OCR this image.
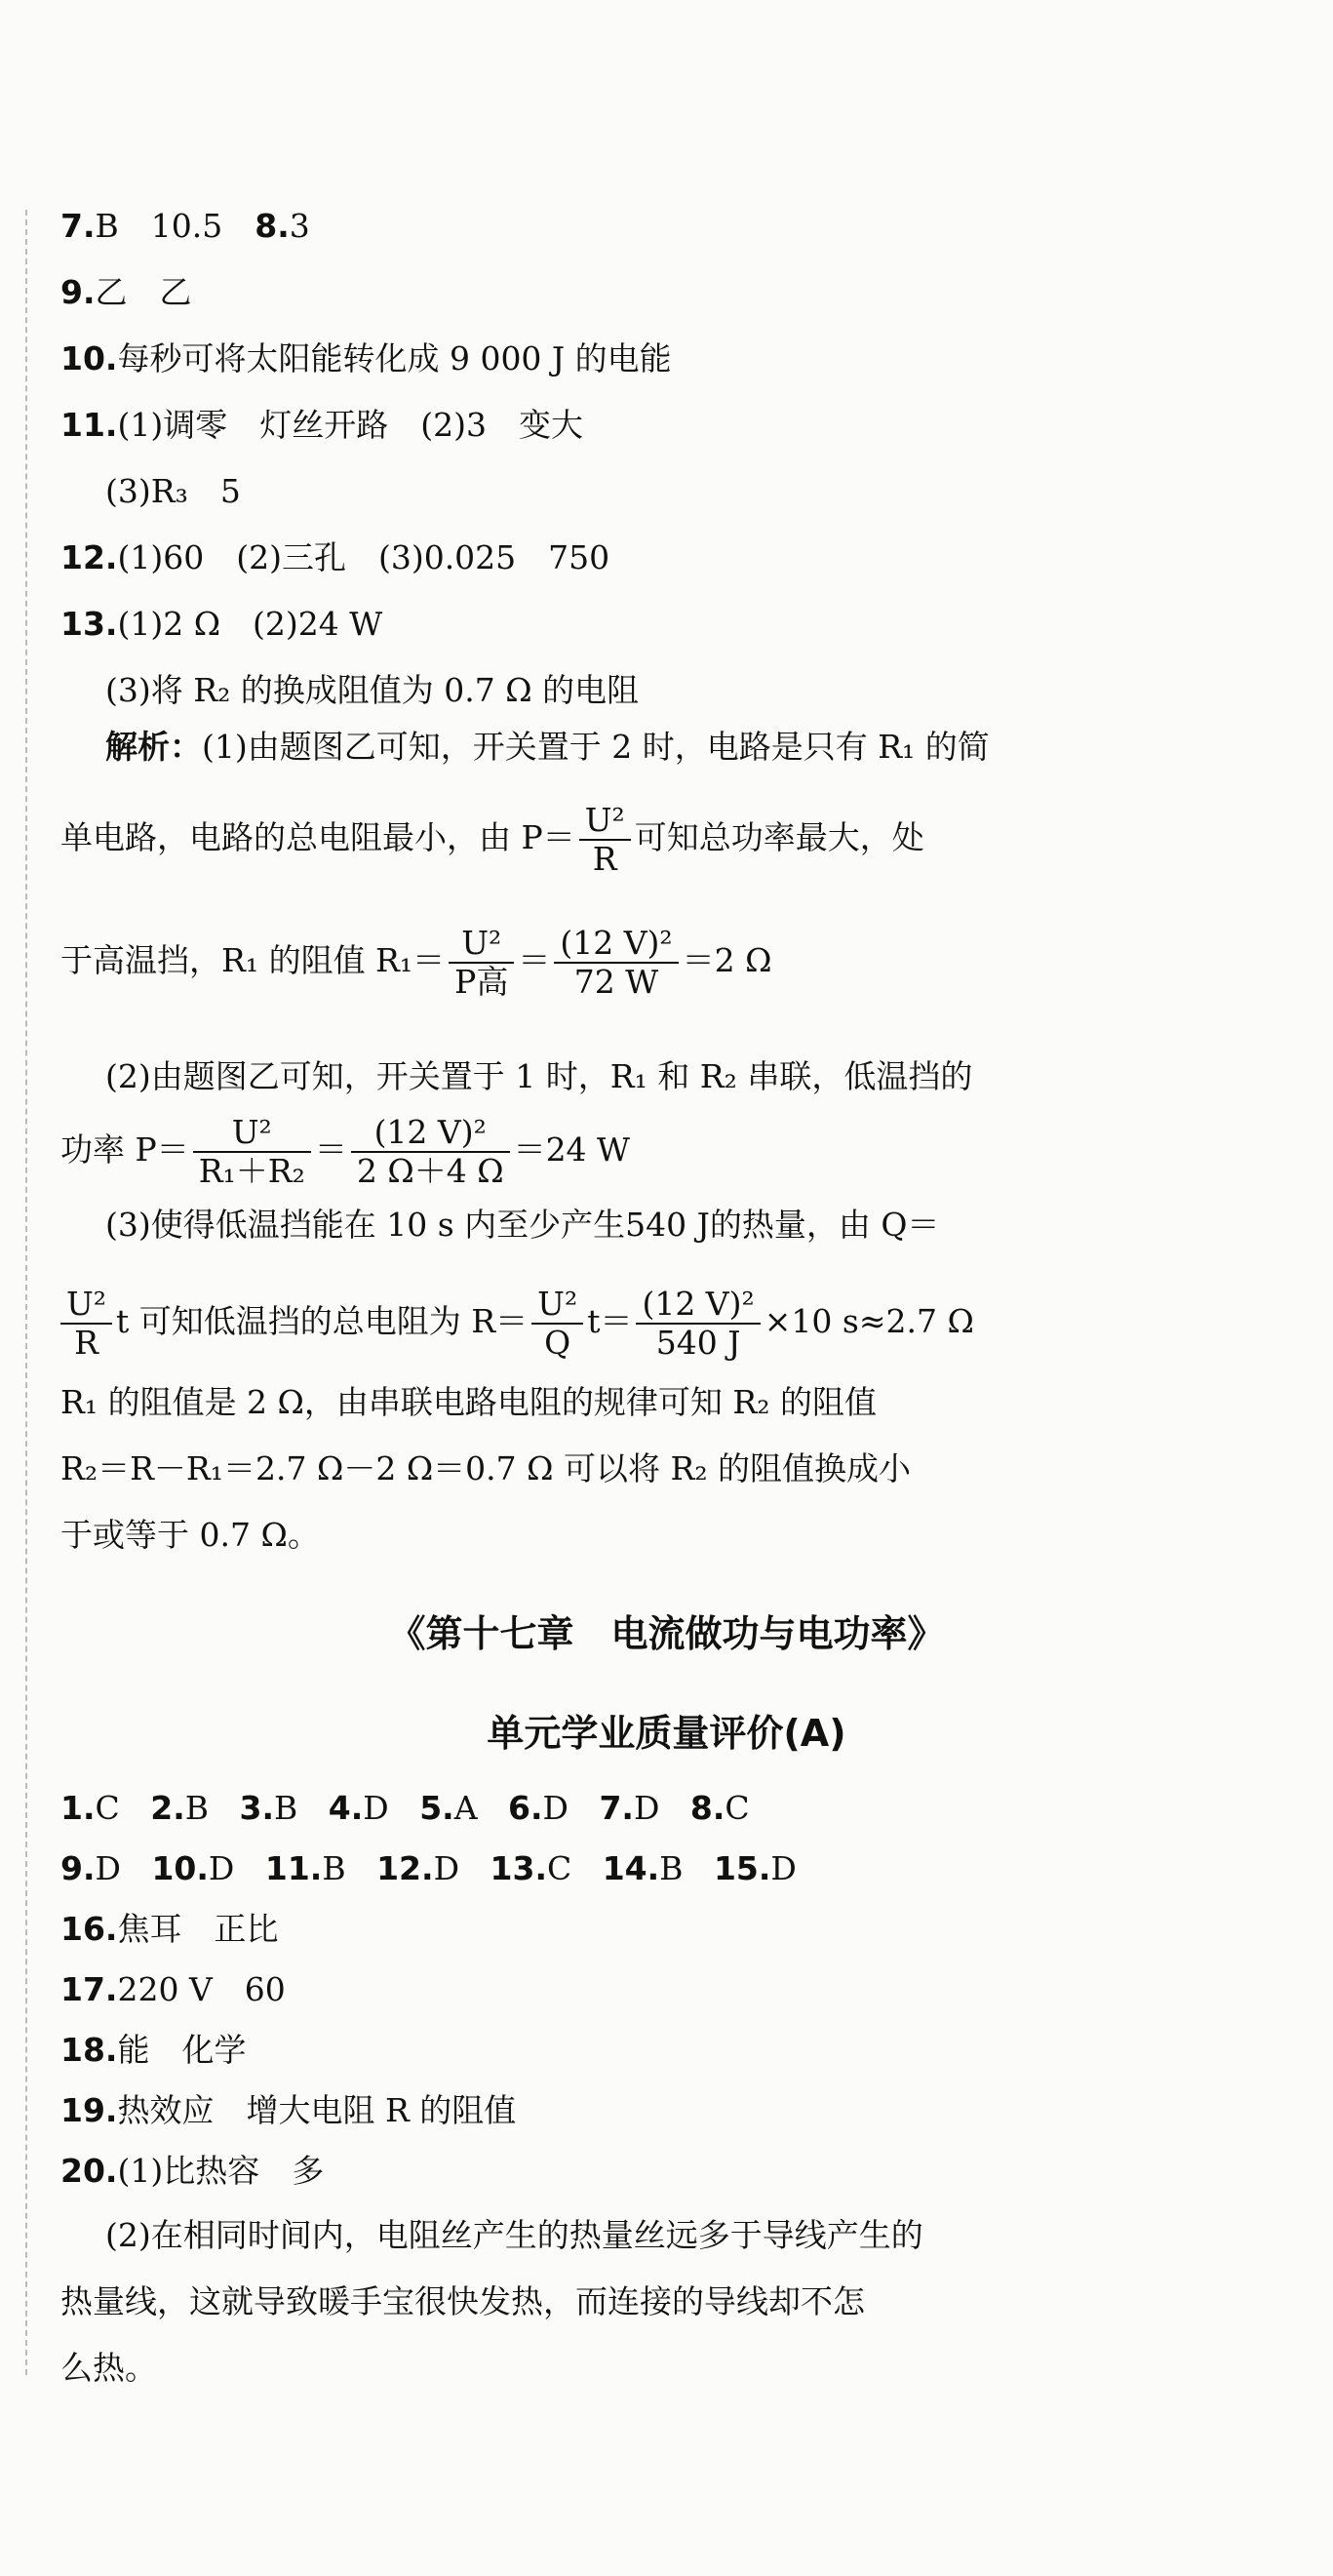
7.B　10.5　8.3
9.乙　乙
10.每秒可将太阳能转化成 9 000 J 的电能
11.(1)调零　灯丝开路　(2)3　变大
(3)R₃　5
12.(1)60　(2)三孔　(3)0.025　750
13.(1)2 Ω　(2)24 W
(3)将 R₂ 的换成阻值为 0.7 Ω 的电阻
解析：(1)由题图乙可知，开关置于 2 时，电路是只有 R₁ 的简
单电路，电路的总电阻最小，由 $P= \frac{\text{U²}}{R}$ 可知总功率最大，处
于高温挡，R₁ 的阻值 $R_1= \frac{\text{U²}}{\text{P高}} = \frac{\text{(12 V)²}}{72 W} =2$ Ω
(2)由题图乙可知，开关置于 1 时，R₁ 和 R₂ 串联，低温挡的
功率 $P= \frac{\text{U²}}{\text{R₁＋R₂}} = \frac{\text{(12 V)²}}{2 \Omega+4 \Omega} =24$ W
(3)使得低温挡能在 10 s 内至少产生540 J的热量，由 Q＝
$\frac{\text{U²}}{R}$ t 可知低温挡的总电阻为 $R= \frac{\text{U²}}{Q} t= \frac{\text{(12 V)²}}{540 J} \times 10$ s≈2.7 Ω
R₁ 的阻值是 2 Ω，由串联电路电阻的规律可知 R₂ 的阻值
R₂＝R－R₁＝2.7 Ω－2 Ω＝0.7 Ω 可以将 R₂ 的阻值换成小
于或等于 0.7 Ω。
《第十七章　电流做功与电功率》
单元学业质量评价(A)
1.C 2.B 3.B 4.D 5.A 6.D 7.D 8.C
9.D 10.D 11.B 12.D 13.C 14.B 15.D
16.焦耳　正比
17.220 V　60
18.能　化学
19.热效应　增大电阻 R 的阻值
20.(1)比热容　多
(2)在相同时间内，电阻丝产生的热量丝远多于导线产生的
热量线，这就导致暖手宝很快发热，而连接的导线却不怎
么热。
